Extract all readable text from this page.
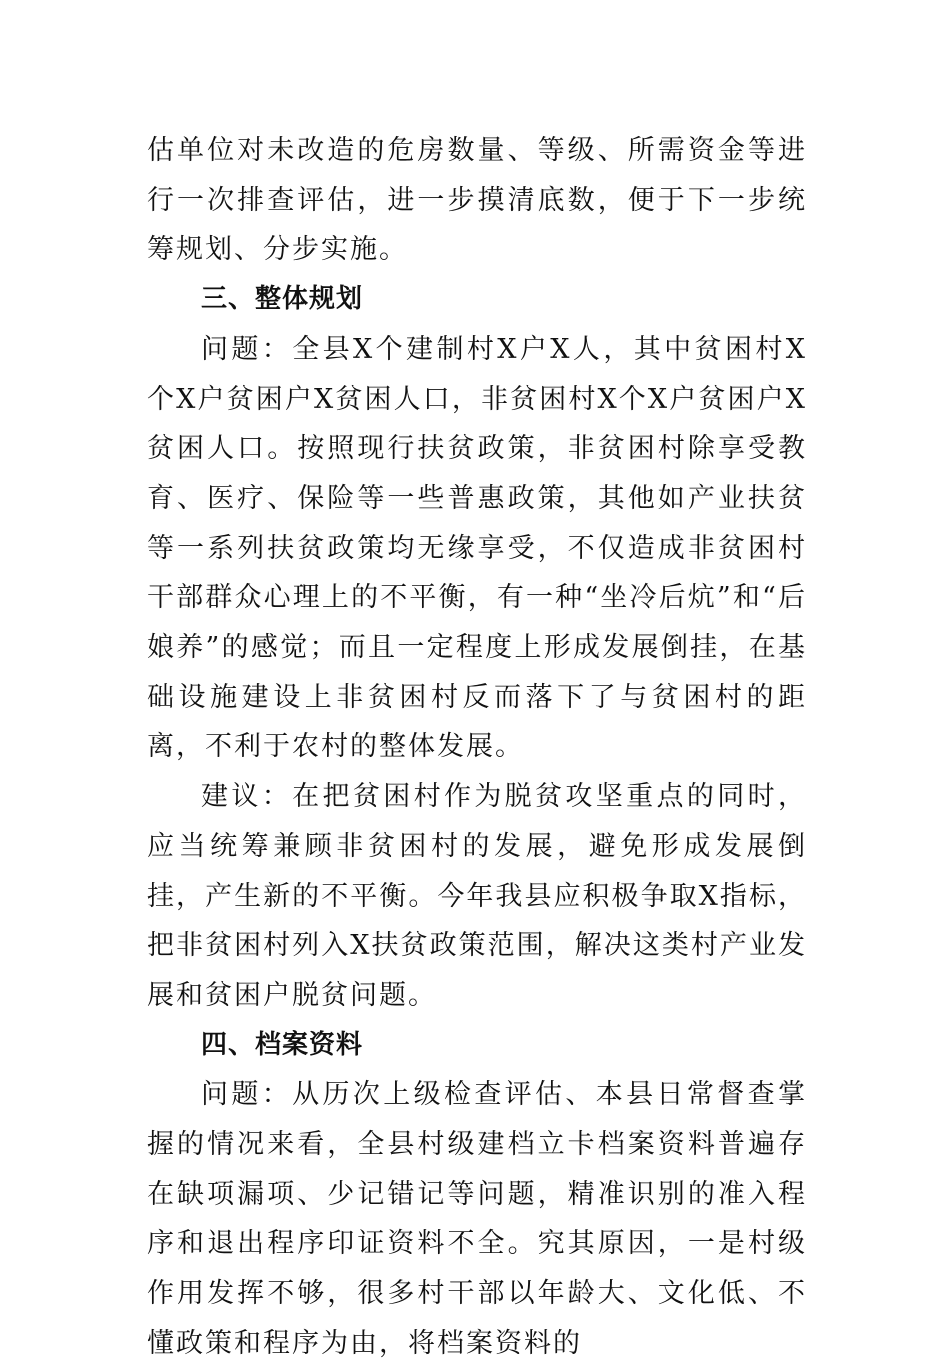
估单位对未改造的危房数量、等级、所需资金等进行一次排查评估，进一步摸清底数，便于下一步统筹规划、分步实施。

三、整体规划

问题：全县X个建制村X户X人，其中贫困村X个X户贫困户X贫困人口，非贫困村X个X户贫困户X贫困人口。按照现行扶贫政策，非贫困村除享受教育、医疗、保险等一些普惠政策，其他如产业扶贫等一系列扶贫政策均无缘享受，不仅造成非贫困村干部群众心理上的不平衡，有一种“坐冷后炕”和“后娘养”的感觉；而且一定程度上形成发展倒挂，在基础设施建设上非贫困村反而落下了与贫困村的距离，不利于农村的整体发展。

建议：在把贫困村作为脱贫攻坚重点的同时，应当统筹兼顾非贫困村的发展，避免形成发展倒挂，产生新的不平衡。今年我县应积极争取X指标，把非贫困村列入X扶贫政策范围，解决这类村产业发展和贫困户脱贫问题。

四、档案资料

问题：从历次上级检查评估、本县日常督查掌握的情况来看，全县村级建档立卡档案资料普遍存在缺项漏项、少记错记等问题，精准识别的准入程序和退出程序印证资料不全。究其原因，一是村级作用发挥不够，很多村干部以年龄大、文化低、不懂政策和程序为由，将档案资料的
